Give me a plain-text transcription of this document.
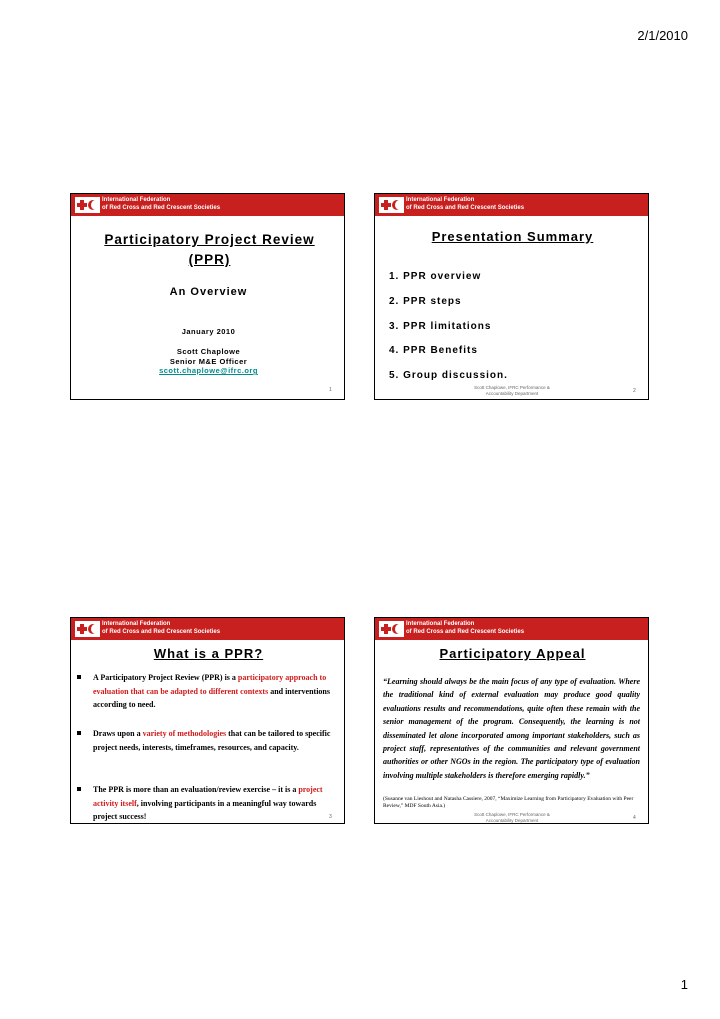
2/1/2010
International Federation
of Red Cross and Red Crescent Societies
Participatory Project Review
(PPR)
An Overview
January 2010
Scott Chaplowe
Senior M&E Officer
scott.chaplowe@ifrc.org
1
International Federation
of Red Cross and Red Crescent Societies
Presentation Summary
1. PPR overview
2. PPR steps
3. PPR limitations
4. PPR Benefits
5. Group discussion.
Scott Chaplowe, IFRC Performance &
Accountability Department	2
International Federation
of Red Cross and Red Crescent Societies
What is a PPR?
A Participatory Project Review (PPR) is a participatory approach to evaluation that can be adapted to different contexts and interventions according to need.
Draws upon a variety of methodologies that can be tailored to specific project needs, interests, timeframes, resources, and capacity.
The PPR is more than an evaluation/review exercise – it is a project activity itself, involving participants in a meaningful way towards project success!	3
International Federation
of Red Cross and Red Crescent Societies
Participatory Appeal
“Learning should always be the main focus of any type of evaluation. Where the traditional kind of external evaluation may produce good quality evaluations results and recommendations, quite often these remain with the senior management of the program. Consequently, the learning is not disseminated let alone incorporated among important stakeholders, such as project staff, representatives of the communities and relevant government authorities or other NGOs in the region. The participatory type of evaluation involving multiple stakeholders is therefore emerging rapidly.”
(Susanne van Lieshout and Natasha Cassiere, 2007, “Maximize Learning from Participatory Evaluation with Peer Review,” MDF South Asia.)
Scott Chaplowe, IFRC Performance &
Accountability Department	4
1
